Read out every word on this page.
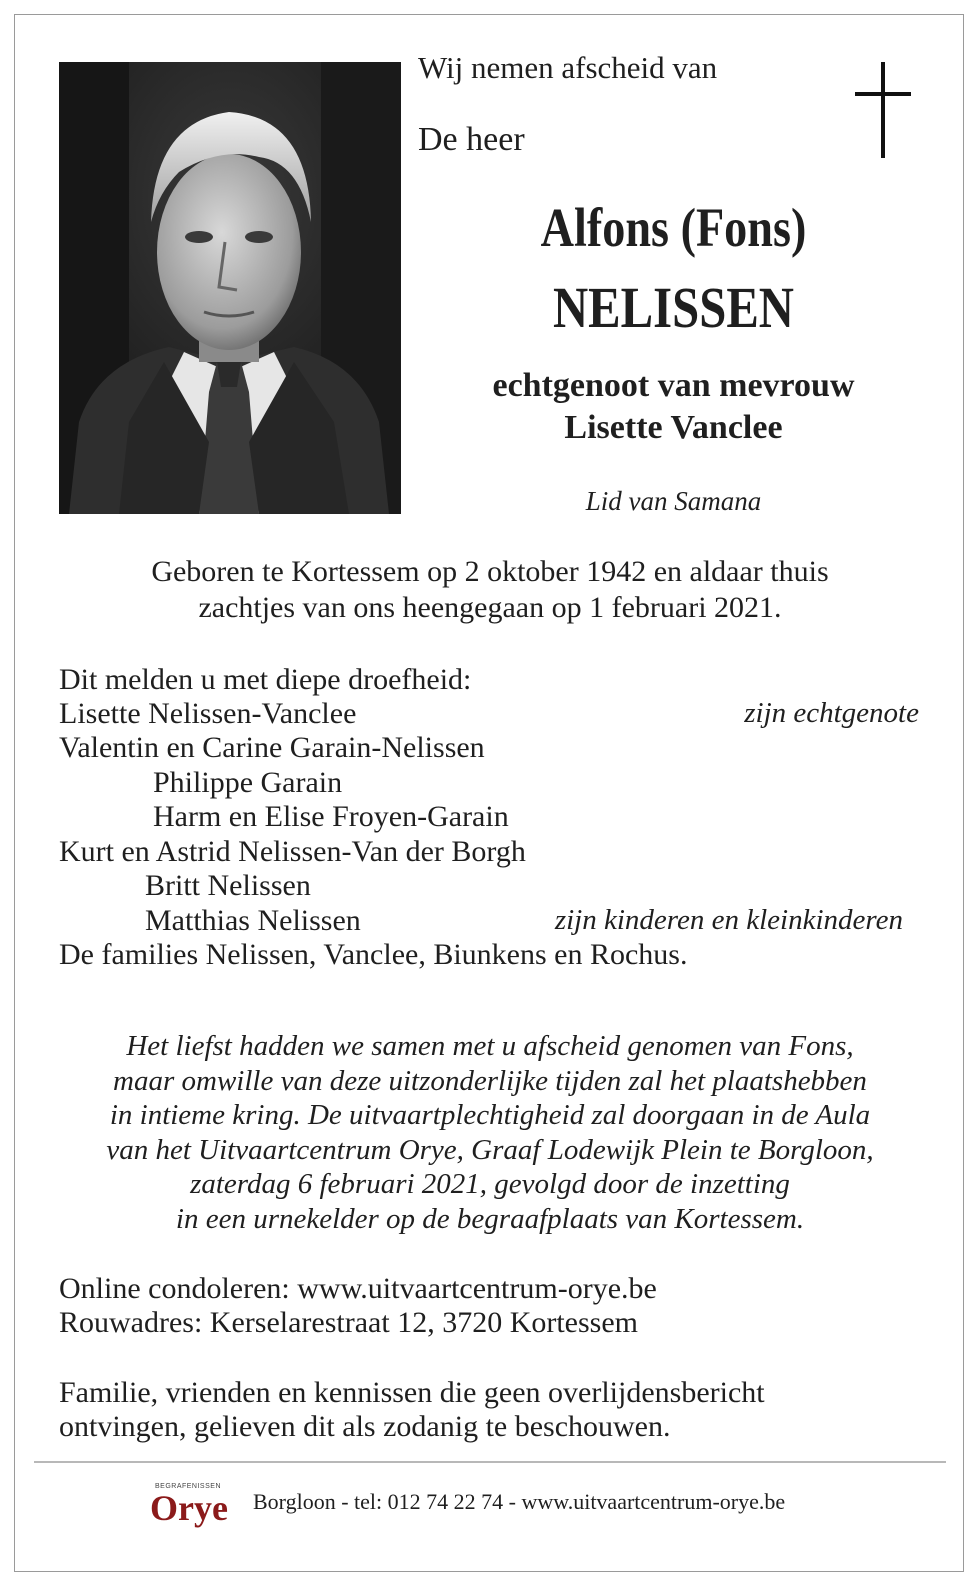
Wij nemen afscheid van
De heer
Alfons (Fons)
NELISSEN
echtgenoot van mevrouw
Lisette Vanclee
Lid van Samana
Geboren te Kortessem op 2 oktober 1942 en aldaar thuis
zachtjes van ons heengegaan op 1 februari 2021.
Dit melden u met diepe droefheid:
Lisette Nelissen-Vanclee	zijn echtgenote
Valentin en Carine Garain-Nelissen
Philippe Garain
Harm en Elise Froyen-Garain
Kurt en Astrid Nelissen-Van der Borgh
Britt Nelissen
Matthias Nelissen	zijn kinderen en kleinkinderen
De families Nelissen, Vanclee, Biunkens en Rochus.
Het liefst hadden we samen met u afscheid genomen van Fons,
maar omwille van deze uitzonderlijke tijden zal het plaatshebben
in intieme kring. De uitvaartplechtigheid zal doorgaan in de Aula
van het Uitvaartcentrum Orye, Graaf Lodewijk Plein te Borgloon,
zaterdag 6 februari 2021, gevolgd door de inzetting
in een urnekelder op de begraafplaats van Kortessem.
Online condoleren: www.uitvaartcentrum-orye.be
Rouwadres: Kerselarestraat 12, 3720 Kortessem
Familie, vrienden en kennissen die geen overlijdensbericht
ontvingen, gelieven dit als zodanig te beschouwen.
BEGRAFENISSEN
Orye Borgloon - tel: 012 74 22 74 - www.uitvaartcentrum-orye.be
